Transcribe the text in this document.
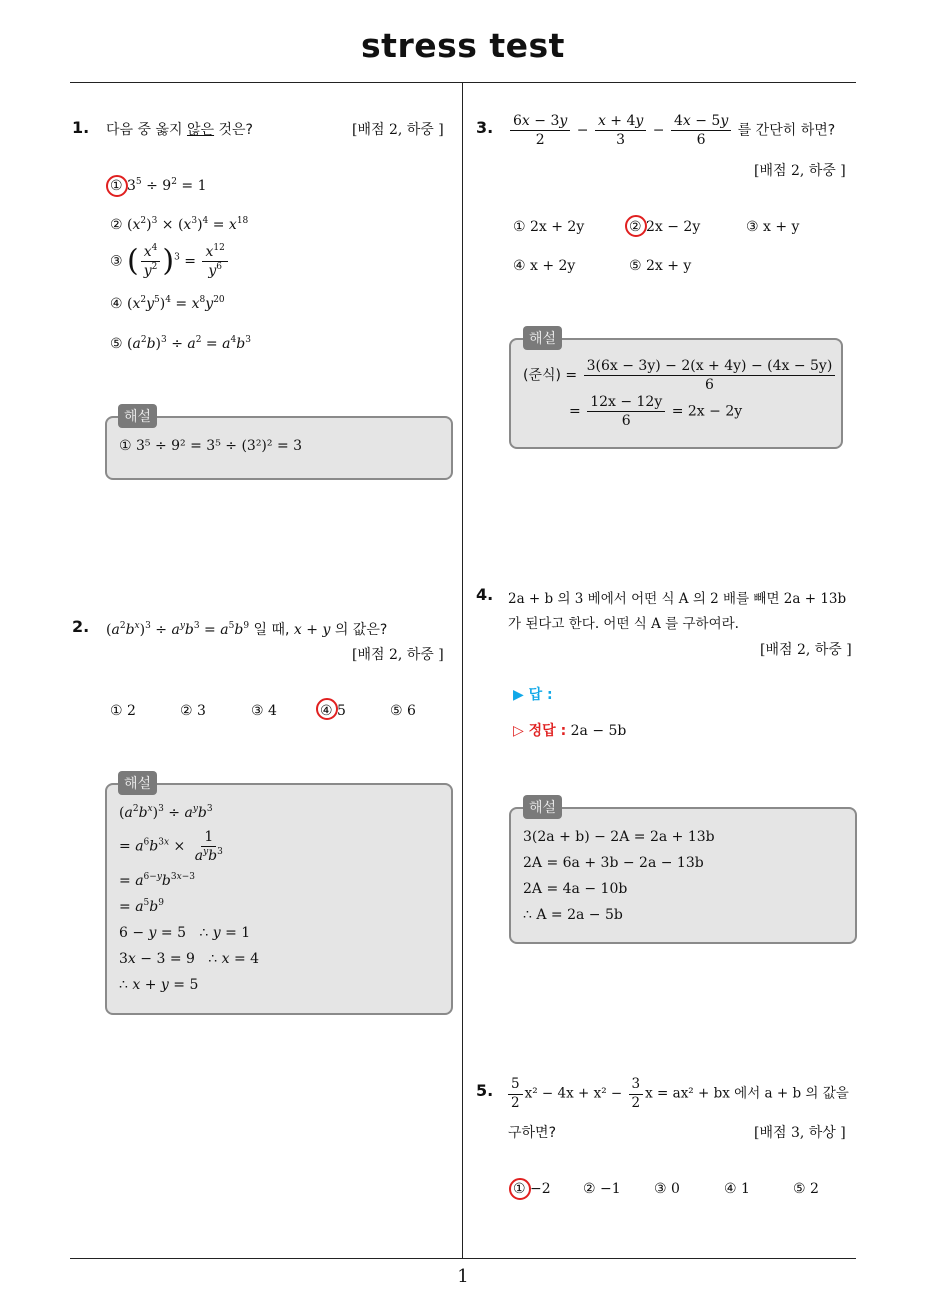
stress test
1
1. 다음 중 옳지 않은 것은?	[배점 2, 하중 ]
① $3^5 \div 9^2 = 1$
② $(x^2)^3 \times (x^3)^4 = x^{18}$
③ ( $\frac{x^4}{y^2} )^3 = \frac{x^{12}}{y^6}$
④ $(x^2y^5)^4 = x^8y^{20}$
⑤ $(a^2b)^3 \div a^2 = a^4b^3$
① 3⁵ ÷ 9² = 3⁵ ÷ (3²)² = 3
해설
2. $(a^2b^x)^3 \div a^yb^3 = a^5b^9$ 일 때, x + y 의 값은?
[배점 2, 하중 ]
① 2	② 3	③ 4	④ 5	⑤ 6
$(a^2b^x)^3 \div a^yb^3$
= $a^6b^{3x} \times \frac{1}{a^yb^3}$
= $a^{6-y}b^{3x-3}$
= $a^5b^9$
6 − y = 5   ∴ y = 1
3x − 3 = 9   ∴ x = 4
∴ x + y = 5
해설
3. $\frac{6x - 3y}{2} - \frac{x + 4y}{3} - \frac{4x - 5y}{6}$ 를 간단히 하면?
[배점 2, 하중 ]
① 2x + 2y	② 2x − 2y	③ x + y
④ x + 2y	⑤ 2x + y
(준식) = $\frac{3(6x - 3y) - 2(x + 4y) - (4x - 5y)}{6}$
= $\frac{12x - 12y}{6} = 2x - 2y$
해설
4. 2a + b 의 3 베에서 어떤 식 A 의 2 배를 빼면 2a + 13b
가 된다고 한다. 어떤 식 A 를 구하여라.
[배점 2, 하중 ]
▶ 답 :
▷ 정답 : 2a − 5b
3(2a + b) − 2A = 2a + 13b
2A = 6a + 3b − 2a − 13b
2A = 4a − 10b
∴ A = 2a − 5b
해설
5. $\frac{5}{2} x^2 - 4x + x^2 - \frac{3}{2}$ x = ax² + bx 에서 a + b 의 값을
구하면?	[배점 3, 하상 ]
① −2 ② −1 ③ 0	④ 1	⑤ 2
